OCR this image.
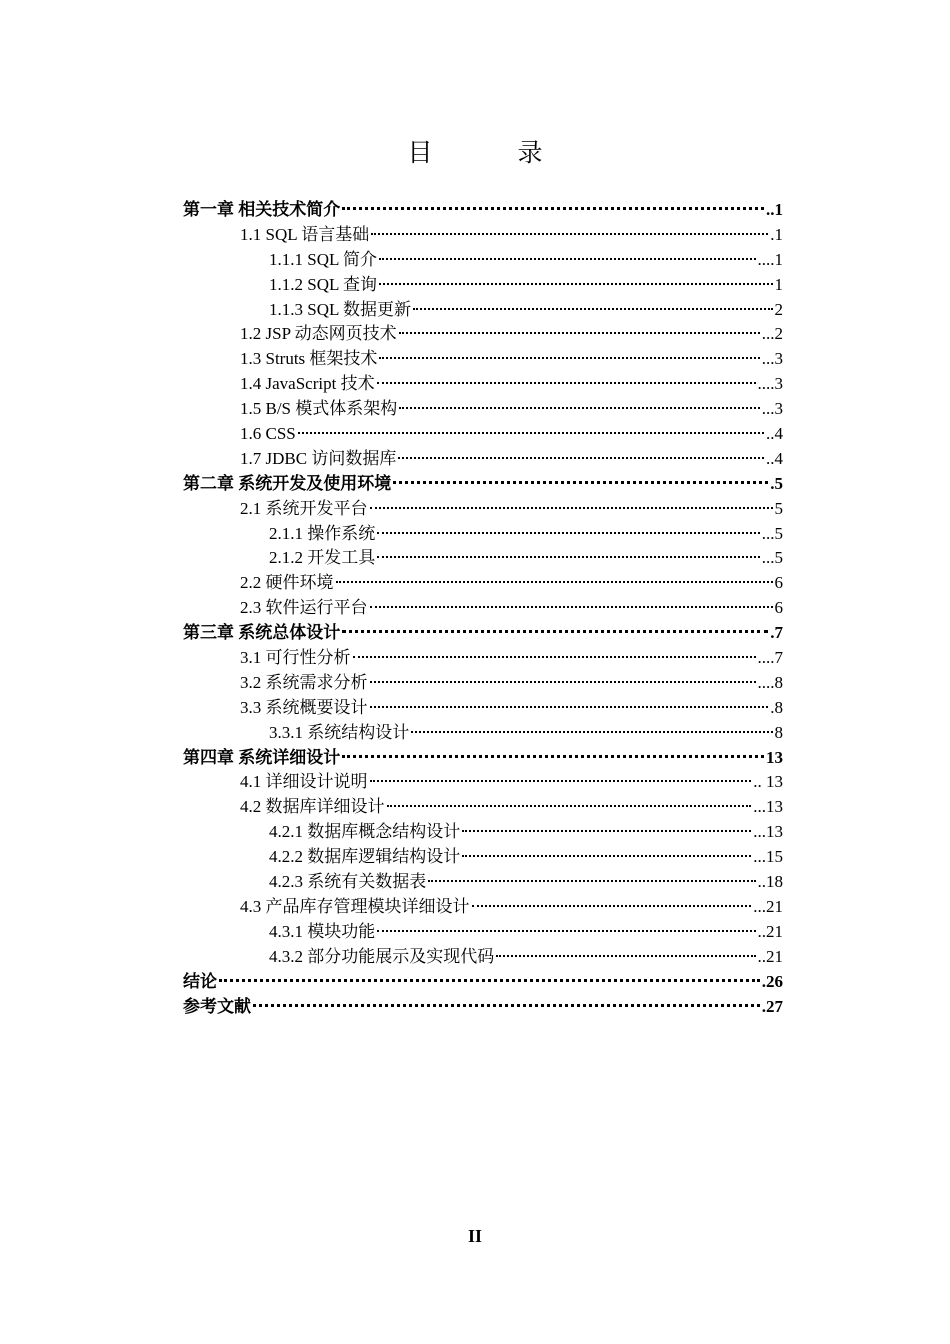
目　录
第一章 相关技术简介	..1
1.1 SQL 语言基础	.1
1.1.1 SQL 简介	....1
1.1.2 SQL 查询	1
1.1.3 SQL 数据更新	2
1.2 JSP 动态网页技术	...2
1.3 Struts 框架技术	...3
1.4 JavaScript 技术	....3
1.5 B/S 模式体系架构	...3
1.6 CSS	..4
1.7 JDBC 访问数据库	..4
第二章 系统开发及使用环境	.5
2.1 系统开发平台	5
2.1.1 操作系统	...5
2.1.2 开发工具	...5
2.2 硬件环境	6
2.3 软件运行平台	6
第三章 系统总体设计	.7
3.1 可行性分析	....7
3.2 系统需求分析	....8
3.3 系统概要设计	.8
3.3.1 系统结构设计	8
第四章 系统详细设计	13
4.1 详细设计说明	.. 13
4.2 数据库详细设计	...13
4.2.1 数据库概念结构设计	...13
4.2.2 数据库逻辑结构设计	...15
4.2.3 系统有关数据表	..18
4.3 产品库存管理模块详细设计	...21
4.3.1 模块功能	..21
4.3.2 部分功能展示及实现代码	..21
结论	.26
参考文献	.27
II
